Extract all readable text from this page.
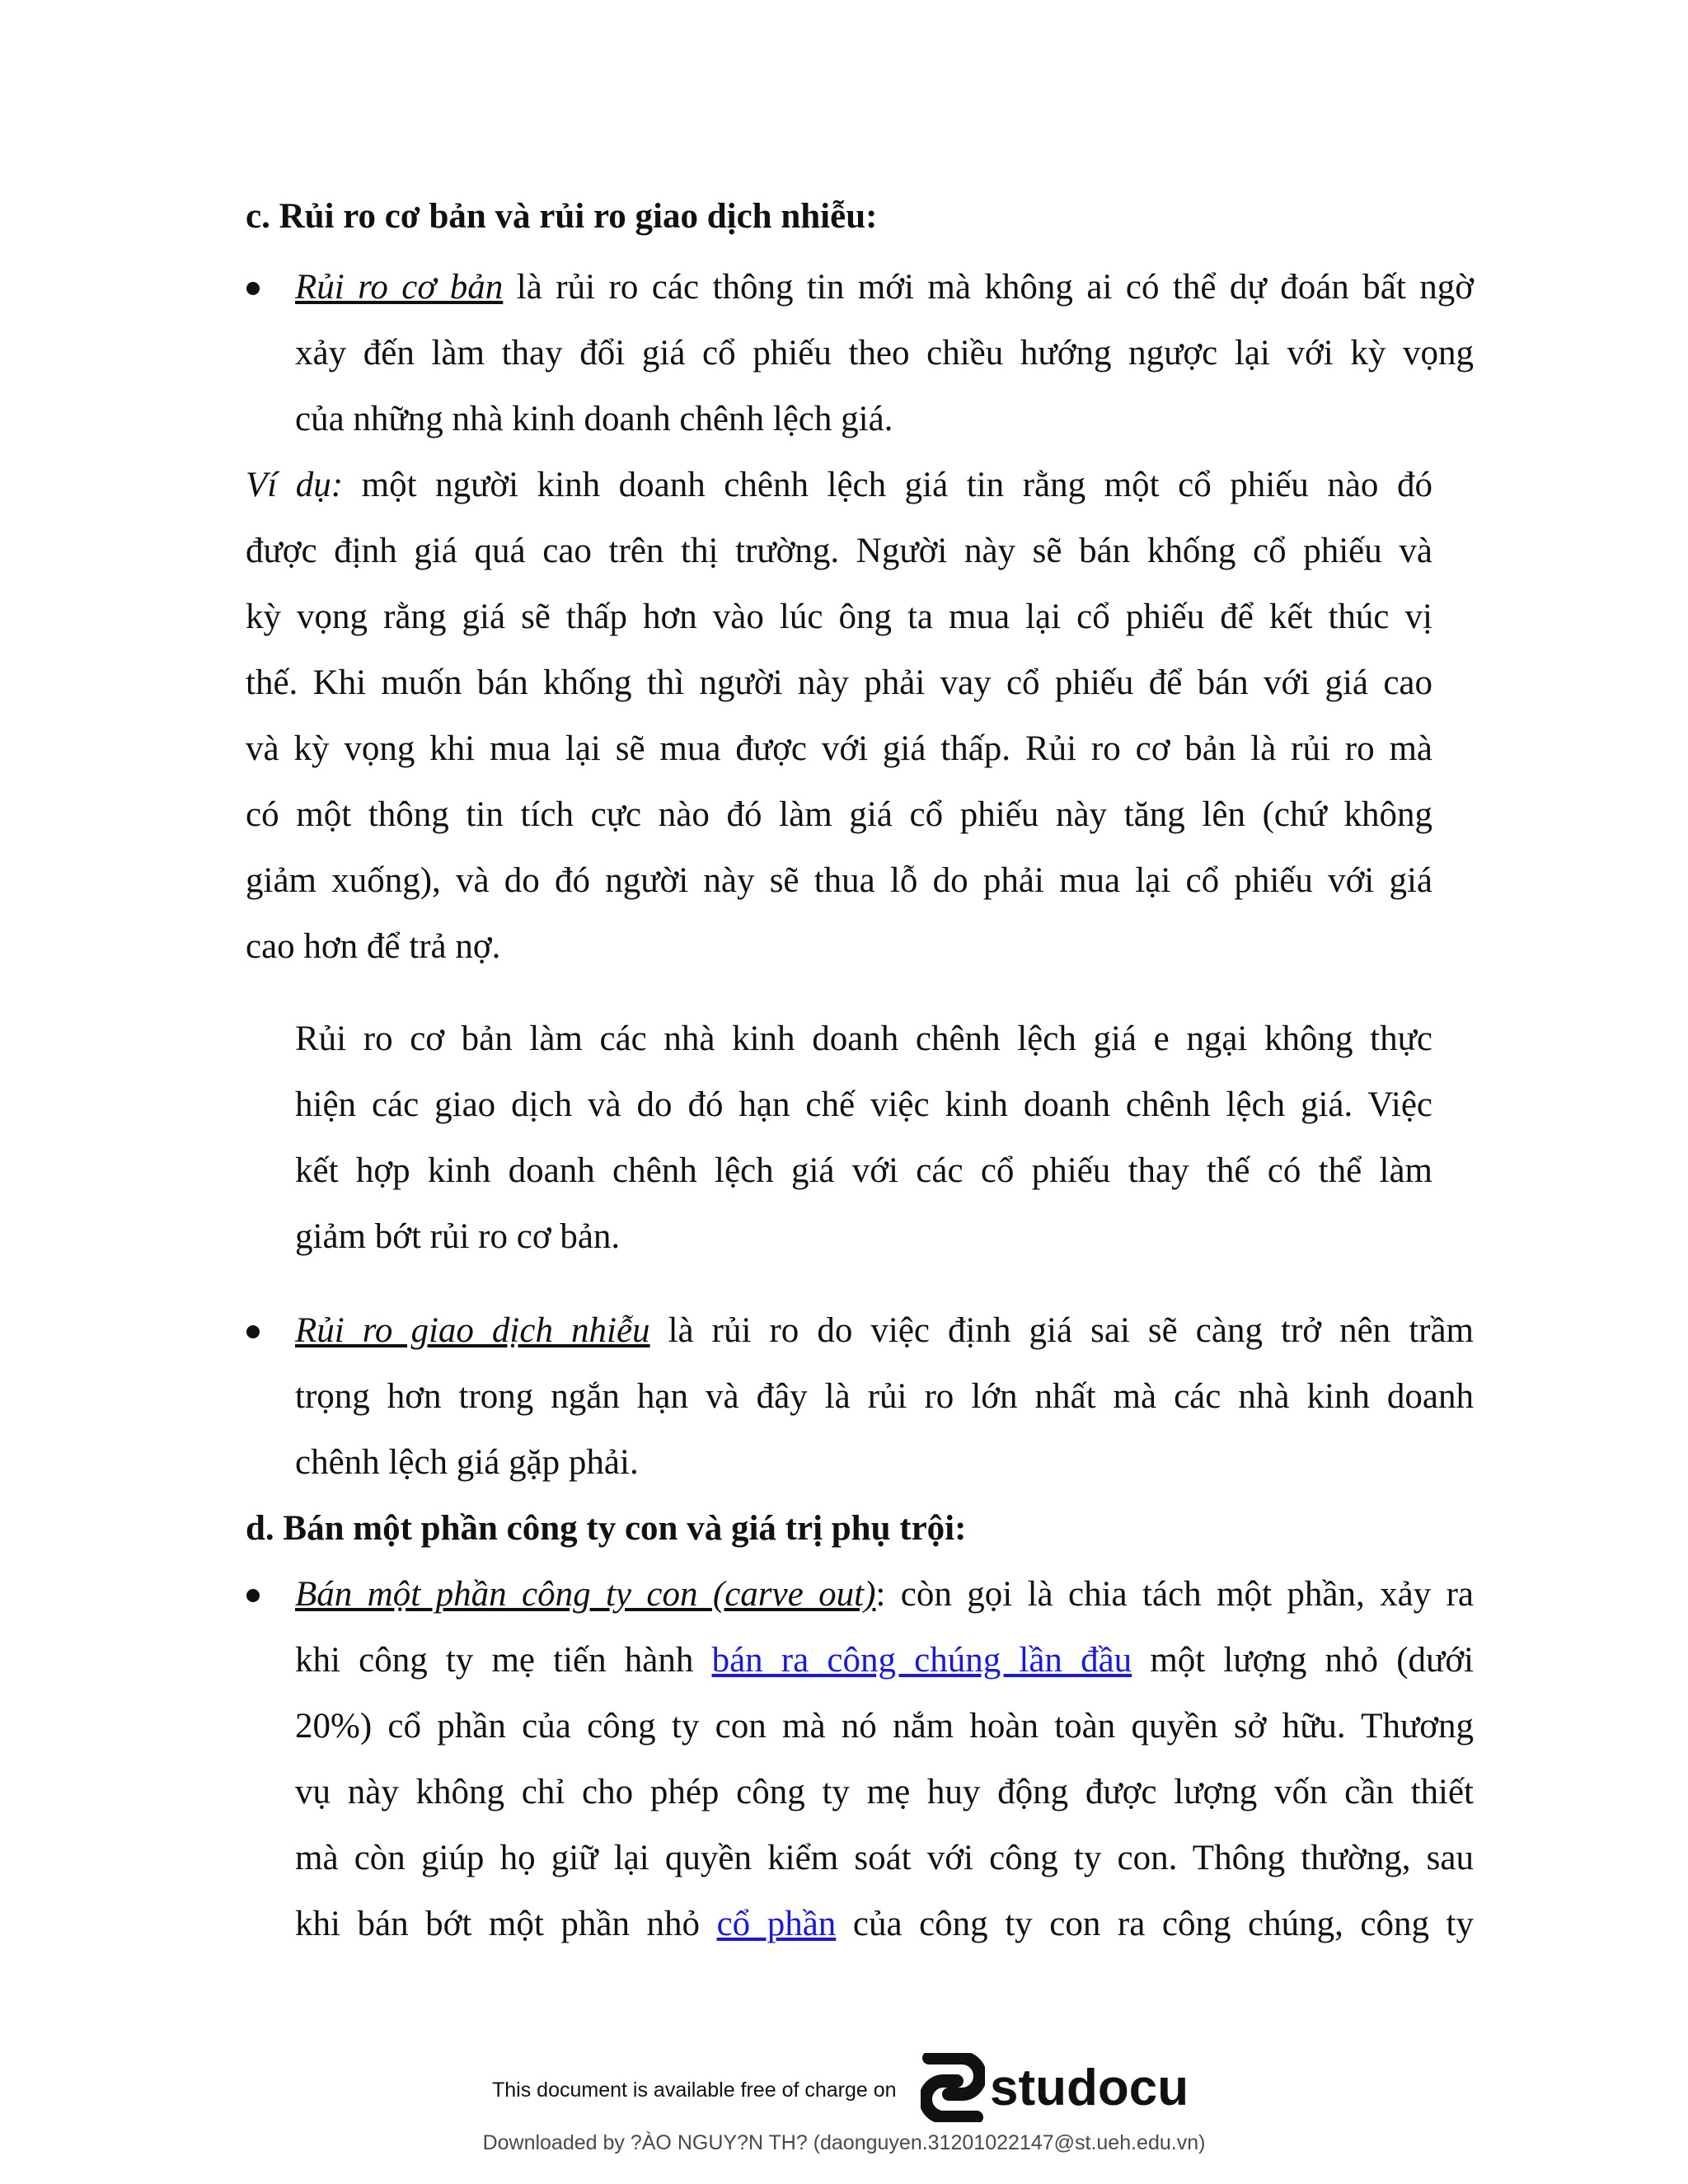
c. Rủi ro cơ bản và rủi ro giao dịch nhiễu:
Rủi ro cơ bản là rủi ro các thông tin mới mà không ai có thể dự đoán bất ngờ
xảy đến làm thay đổi giá cổ phiếu theo chiều hướng ngược lại với kỳ vọng
của những nhà kinh doanh chênh lệch giá.
Ví dụ: một người kinh doanh chênh lệch giá tin rằng một cổ phiếu nào đó
được định giá quá cao trên thị trường. Người này sẽ bán khống cổ phiếu và
kỳ vọng rằng giá sẽ thấp hơn vào lúc ông ta mua lại cổ phiếu để kết thúc vị
thế. Khi muốn bán khống thì người này phải vay cổ phiếu để bán với giá cao
và kỳ vọng khi mua lại sẽ mua được với giá thấp. Rủi ro cơ bản là rủi ro mà
có một thông tin tích cực nào đó làm giá cổ phiếu này tăng lên (chứ không
giảm xuống), và do đó người này sẽ thua lỗ do phải mua lại cổ phiếu với giá
cao hơn để trả nợ.
Rủi ro cơ bản làm các nhà kinh doanh chênh lệch giá e ngại không thực
hiện các giao dịch và do đó hạn chế việc kinh doanh chênh lệch giá. Việc
kết hợp kinh doanh chênh lệch giá với các cổ phiếu thay thế có thể làm
giảm bớt rủi ro cơ bản.
Rủi ro giao dịch nhiễu là rủi ro do việc định giá sai sẽ càng trở nên trầm
trọng hơn trong ngắn hạn và đây là rủi ro lớn nhất mà các nhà kinh doanh
chênh lệch giá gặp phải.
d. Bán một phần công ty con và giá trị phụ trội:
Bán một phần công ty con (carve out): còn gọi là chia tách một phần, xảy ra
khi công ty mẹ tiến hành bán ra công chúng lần đầu một lượng nhỏ (dưới
20%) cổ phần của công ty con mà nó nắm hoàn toàn quyền sở hữu. Thương
vụ này không chỉ cho phép công ty mẹ huy động được lượng vốn cần thiết
mà còn giúp họ giữ lại quyền kiểm soát với công ty con. Thông thường, sau
khi bán bớt một phần nhỏ cổ phần của công ty con ra công chúng, công ty
This document is available free of charge on studocu
Downloaded by ?ÀO NGUY?N TH? (daonguyen.31201022147@st.ueh.edu.vn)
